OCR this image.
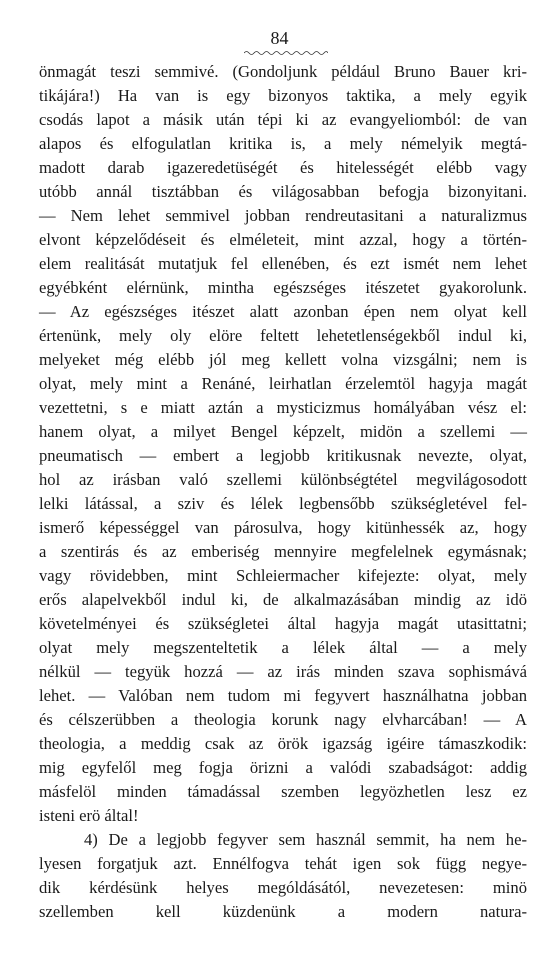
84
önmagát teszi semmivé. (Gondoljunk például Bruno Bauer kri-
tikájára!) Ha van is egy bizonyos taktika, a mely egyik
csodás lapot a másik után tépi ki az evangyeliomból: de van
alapos és elfogulatlan kritika is, a mely némelyik megtá-
madott darab igazeredetüségét és hitelességét elébb vagy
utóbb annál tisztábban és világosabban befogja bizonyitani.
— Nem lehet semmivel jobban rendreutasitani a naturalizmus
elvont képzelődéseit és elméleteit, mint azzal, hogy a történ-
elem realitását mutatjuk fel ellenében, és ezt ismét nem lehet
egyébként elérnünk, mintha egészséges itészetet gyakorolunk.
— Az egészséges itészet alatt azonban épen nem olyat kell
értenünk, mely oly elöre feltett lehetetlenségekből indul ki,
melyeket még elébb jól meg kellett volna vizsgálni; nem is
olyat, mely mint a Renáné, leirhatlan érzelemtöl hagyja magát
vezettetni, s e miatt aztán a mysticizmus homályában vész el:
hanem olyat, a milyet Bengel képzelt, midön a szellemi —
pneumatisch — embert a legjobb kritikusnak nevezte, olyat,
hol az irásban való szellemi különbségtétel megvilágosodott
lelki látással, a sziv és lélek legbensőbb szükségletével fel-
ismerő képességgel van párosulva, hogy kitünhessék az, hogy
a szentirás és az emberiség mennyire megfelelnek egymásnak;
vagy rövidebben, mint Schleiermacher kifejezte: olyat, mely
erős alapelvekből indul ki, de alkalmazásában mindig az idö
követelményei és szükségletei által hagyja magát utasittatni;
olyat mely megszenteltetik a lélek által — a mely
nélkül — tegyük hozzá — az irás minden szava sophismává
lehet. — Valóban nem tudom mi fegyvert használhatna jobban
és célszerübben a theologia korunk nagy elvharcában! — A
theologia, a meddig csak az örök igazság igéire támaszkodik:
mig egyfelől meg fogja örizni a valódi szabadságot: addig
másfelöl minden támadással szemben legyözhetlen lesz ez
isteni erö által!
4) De a legjobb fegyver sem használ semmit, ha nem he-
lyesen forgatjuk azt. Ennélfogva tehát igen sok függ negye-
dik kérdésünk helyes mególdásától, nevezetesen: minö
szellemben kell küzdenünk a modern natura-
